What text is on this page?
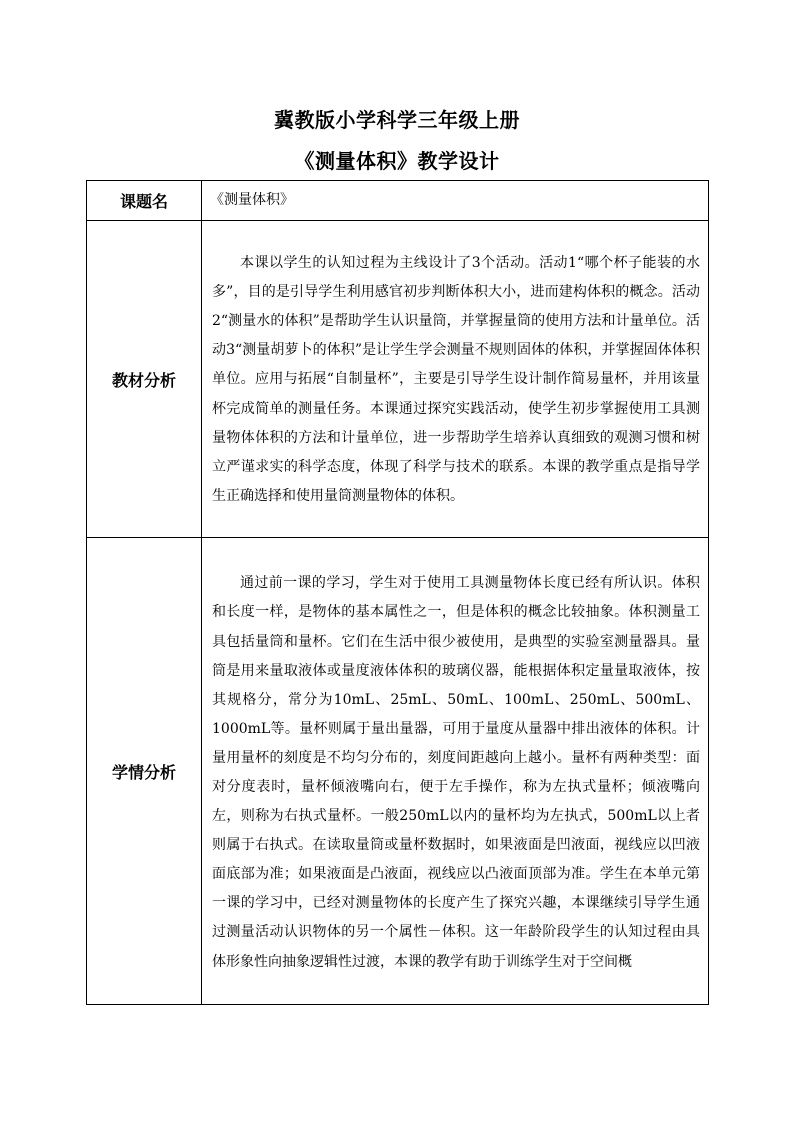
冀教版小学科学三年级上册
《测量体积》教学设计
课题名	《测量体积》

教材分析	本课以学生的认知过程为主线设计了3个活动。活动1“哪个杯子能装的水多”，目的是引导学生利用感官初步判断体积大小，进而建构体积的概念。活动2“测量水的体积”是帮助学生认识量筒，并掌握量筒的使用方法和计量单位。活动3“测量胡萝卜的体积”是让学生学会测量不规则固体的体积，并掌握固体体积单位。应用与拓展“自制量杯”，主要是引导学生设计制作简易量杯，并用该量杯完成简单的测量任务。本课通过探究实践活动，使学生初步掌握使用工具测量物体体积的方法和计量单位，进一步帮助学生培养认真细致的观测习惯和树立严谨求实的科学态度，体现了科学与技术的联系。本课的教学重点是指导学生正确选择和使用量筒测量物体的体积。

学情分析	通过前一课的学习，学生对于使用工具测量物体长度已经有所认识。体积和长度一样，是物体的基本属性之一，但是体积的概念比较抽象。体积测量工具包括量筒和量杯。它们在生活中很少被使用，是典型的实验室测量器具。量筒是用来量取液体或量度液体体积的玻璃仪器，能根据体积定量量取液体，按其规格分，常分为10mL、25mL、50mL、100mL、250mL、500mL、1000mL等。量杯则属于量出量器，可用于量度从量器中排出液体的体积。计量用量杯的刻度是不均匀分布的，刻度间距越向上越小。量杯有两种类型：面对分度表时，量杯倾液嘴向右，便于左手操作，称为左执式量杯；倾液嘴向左，则称为右执式量杯。一般250mL以内的量杯均为左执式，500mL以上者则属于右执式。在读取量筒或量杯数据时，如果液面是凹液面，视线应以凹液面底部为准；如果液面是凸液面，视线应以凸液面顶部为准。学生在本单元第一课的学习中，已经对测量物体的长度产生了探究兴趣，本课继续引导学生通过测量活动认识物体的另一个属性－体积。这一年龄阶段学生的认知过程由具体形象性向抽象逻辑性过渡，本课的教学有助于训练学生对于空间概
